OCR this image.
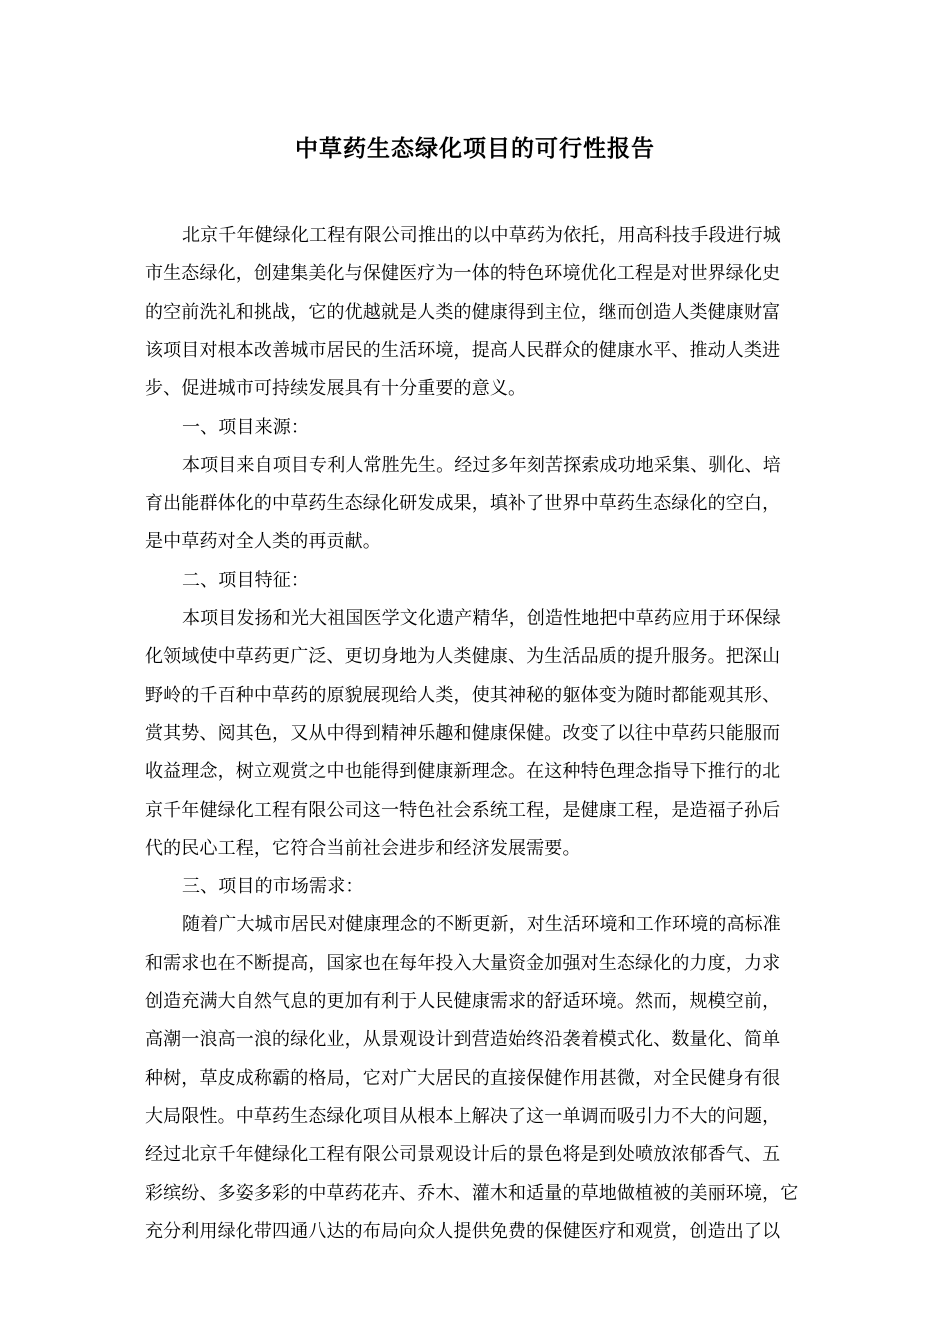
中草药生态绿化项目的可行性报告
北京千年健绿化工程有限公司推出的以中草药为依托，用高科技手段进行城
市生态绿化，创建集美化与保健医疗为一体的特色环境优化工程是对世界绿化史
的空前洗礼和挑战，它的优越就是人类的健康得到主位，继而创造人类健康财富
该项目对根本改善城市居民的生活环境，提高人民群众的健康水平、推动人类进
步、促进城市可持续发展具有十分重要的意义。
一、项目来源：
本项目来自项目专利人常胜先生。经过多年刻苦探索成功地采集、驯化、培
育出能群体化的中草药生态绿化研发成果，填补了世界中草药生态绿化的空白，
是中草药对全人类的再贡献。
二、项目特征：
本项目发扬和光大祖国医学文化遗产精华，创造性地把中草药应用于环保绿
化领域使中草药更广泛、更切身地为人类健康、为生活品质的提升服务。把深山
野岭的千百种中草药的原貌展现给人类，使其神秘的躯体变为随时都能观其形、
赏其势、阅其色，又从中得到精神乐趣和健康保健。改变了以往中草药只能服而
收益理念，树立观赏之中也能得到健康新理念。在这种特色理念指导下推行的北
京千年健绿化工程有限公司这一特色社会系统工程，是健康工程，是造福子孙后
代的民心工程，它符合当前社会进步和经济发展需要。
三、项目的市场需求：
随着广大城市居民对健康理念的不断更新，对生活环境和工作环境的高标准
和需求也在不断提高，国家也在每年投入大量资金加强对生态绿化的力度，力求
创造充满大自然气息的更加有利于人民健康需求的舒适环境。然而，规模空前，
高潮一浪高一浪的绿化业，从景观设计到营造始终沿袭着模式化、数量化、简单
种树，草皮成称霸的格局，它对广大居民的直接保健作用甚微，对全民健身有很
大局限性。中草药生态绿化项目从根本上解决了这一单调而吸引力不大的问题，
经过北京千年健绿化工程有限公司景观设计后的景色将是到处喷放浓郁香气、五
彩缤纷、多姿多彩的中草药花卉、乔木、灌木和适量的草地做植被的美丽环境，它
充分利用绿化带四通八达的布局向众人提供免费的保健医疗和观赏，创造出了以
